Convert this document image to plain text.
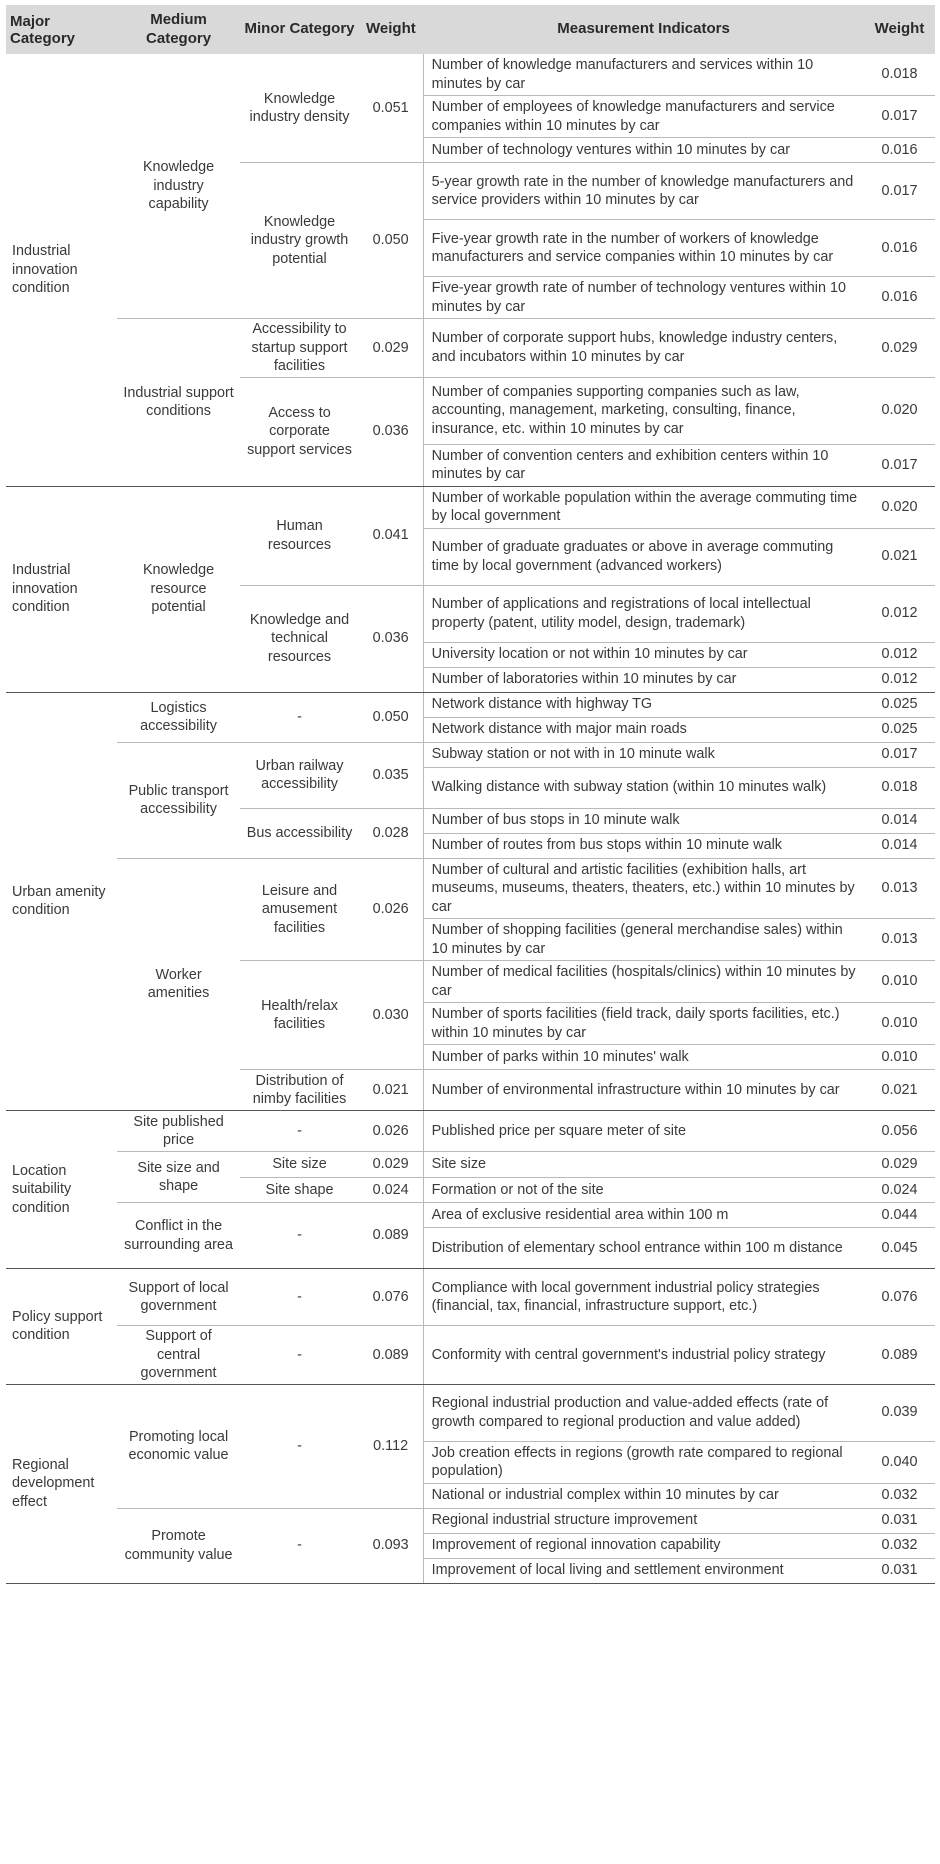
Major Category	Medium Category	Minor Category	Weight	Measurement Indicators	Weight
Industrial innovation condition	Knowledge industry capability	Knowledge industry density	0.051	Number of knowledge manufacturers and services within 10 minutes by car	0.018
				Number of employees of knowledge manufacturers and service companies within 10 minutes by car	0.017
				Number of technology ventures within 10 minutes by car	0.016
		Knowledge industry growth potential	0.050	5-year growth rate in the number of knowledge manufacturers and service providers within 10 minutes by car	0.017
				Five-year growth rate in the number of workers of knowledge manufacturers and service companies within 10 minutes by car	0.016
				Five-year growth rate of number of technology ventures within 10 minutes by car	0.016
	Industrial support conditions	Accessibility to startup support facilities	0.029	Number of corporate support hubs, knowledge industry centers, and incubators within 10 minutes by car	0.029
		Access to corporate support services	0.036	Number of companies supporting companies such as law, accounting, management, marketing, consulting, finance, insurance, etc. within 10 minutes by car	0.020
				Number of convention centers and exhibition centers within 10 minutes by car	0.017
Industrial innovation condition	Knowledge resource potential	Human resources	0.041	Number of workable population within the average commuting time by local government	0.020
				Number of graduate graduates or above in average commuting time by local government (advanced workers)	0.021
		Knowledge and technical resources	0.036	Number of applications and registrations of local intellectual property (patent, utility model, design, trademark)	0.012
				University location or not within 10 minutes by car	0.012
				Number of laboratories within 10 minutes by car	0.012
Urban amenity condition	Logistics accessibility	-	0.050	Network distance with highway TG	0.025
				Network distance with major main roads	0.025
	Public transport accessibility	Urban railway accessibility	0.035	Subway station or not with in 10 minute walk	0.017
				Walking distance with subway station (within 10 minutes walk)	0.018
		Bus accessibility	0.028	Number of bus stops in 10 minute walk	0.014
				Number of routes from bus stops within 10 minute walk	0.014
	Worker amenities	Leisure and amusement facilities	0.026	Number of cultural and artistic facilities (exhibition halls, art museums, museums, theaters, theaters, etc.) within 10 minutes by car	0.013
				Number of shopping facilities (general merchandise sales) within 10 minutes by car	0.013
		Health/relax facilities	0.030	Number of medical facilities (hospitals/clinics) within 10 minutes by car	0.010
				Number of sports facilities (field track, daily sports facilities, etc.) within 10 minutes by car	0.010
				Number of parks within 10 minutes' walk	0.010
		Distribution of nimby facilities	0.021	Number of environmental infrastructure within 10 minutes by car	0.021
Location suitability condition	Site published price	-	0.026	Published price per square meter of site	0.056
	Site size and shape	Site size	0.029	Site size	0.029
		Site shape	0.024	Formation or not of the site	0.024
	Conflict in the surrounding area	-	0.089	Area of exclusive residential area within 100 m	0.044
				Distribution of elementary school entrance within 100 m distance	0.045
Policy support condition	Support of local government	-	0.076	Compliance with local government industrial policy strategies (financial, tax, financial, infrastructure support, etc.)	0.076
	Support of central government	-	0.089	Conformity with central government's industrial policy strategy	0.089
Regional development effect	Promoting local economic value	-	0.112	Regional industrial production and value-added effects (rate of growth compared to regional production and value added)	0.039
				Job creation effects in regions (growth rate compared to regional population)	0.040
				National or industrial complex within 10 minutes by car	0.032
	Promote community value	-	0.093	Regional industrial structure improvement	0.031
				Improvement of regional innovation capability	0.032
				Improvement of local living and settlement environment	0.031
